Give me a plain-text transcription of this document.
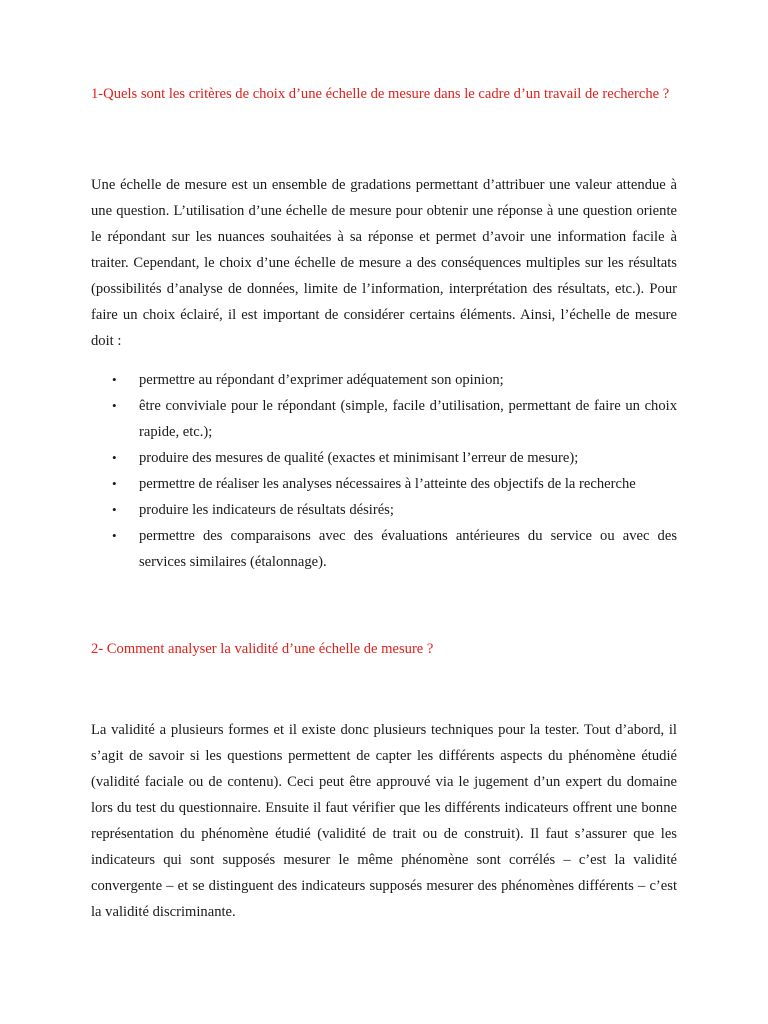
1-Quels sont les critères de choix d’une échelle de mesure dans le cadre d’un travail de recherche ?

Une échelle de mesure est un ensemble de gradations permettant d’attribuer une valeur attendue à une question. L’utilisation d’une échelle de mesure pour obtenir une réponse à une question oriente le répondant sur les nuances souhaitées à sa réponse et permet d’avoir une information facile à traiter. Cependant, le choix d’une échelle de mesure a des conséquences multiples sur les résultats (possibilités d’analyse de données, limite de l’information, interprétation des résultats, etc.). Pour faire un choix éclairé, il est important de considérer certains éléments. Ainsi, l’échelle de mesure doit :

• permettre au répondant d’exprimer adéquatement son opinion;
• être conviviale pour le répondant (simple, facile d’utilisation, permettant de faire un choix rapide, etc.);
• produire des mesures de qualité (exactes et minimisant l’erreur de mesure);
• permettre de réaliser les analyses nécessaires à l’atteinte des objectifs de la recherche
• produire les indicateurs de résultats désirés;
• permettre des comparaisons avec des évaluations antérieures du service ou avec des services similaires (étalonnage).

2- Comment analyser la validité d’une échelle de mesure ?

La validité a plusieurs formes et il existe donc plusieurs techniques pour la tester. Tout d’abord, il s’agit de savoir si les questions permettent de capter les différents aspects du phénomène étudié (validité faciale ou de contenu). Ceci peut être approuvé via le jugement d’un expert du domaine lors du test du questionnaire. Ensuite il faut vérifier que les différents indicateurs offrent une bonne représentation du phénomène étudié (validité de trait ou de construit). Il faut s’assurer que les indicateurs qui sont supposés mesurer le même phénomène sont corrélés – c’est la validité convergente – et se distinguent des indicateurs supposés mesurer des phénomènes différents – c’est la validité discriminante.
